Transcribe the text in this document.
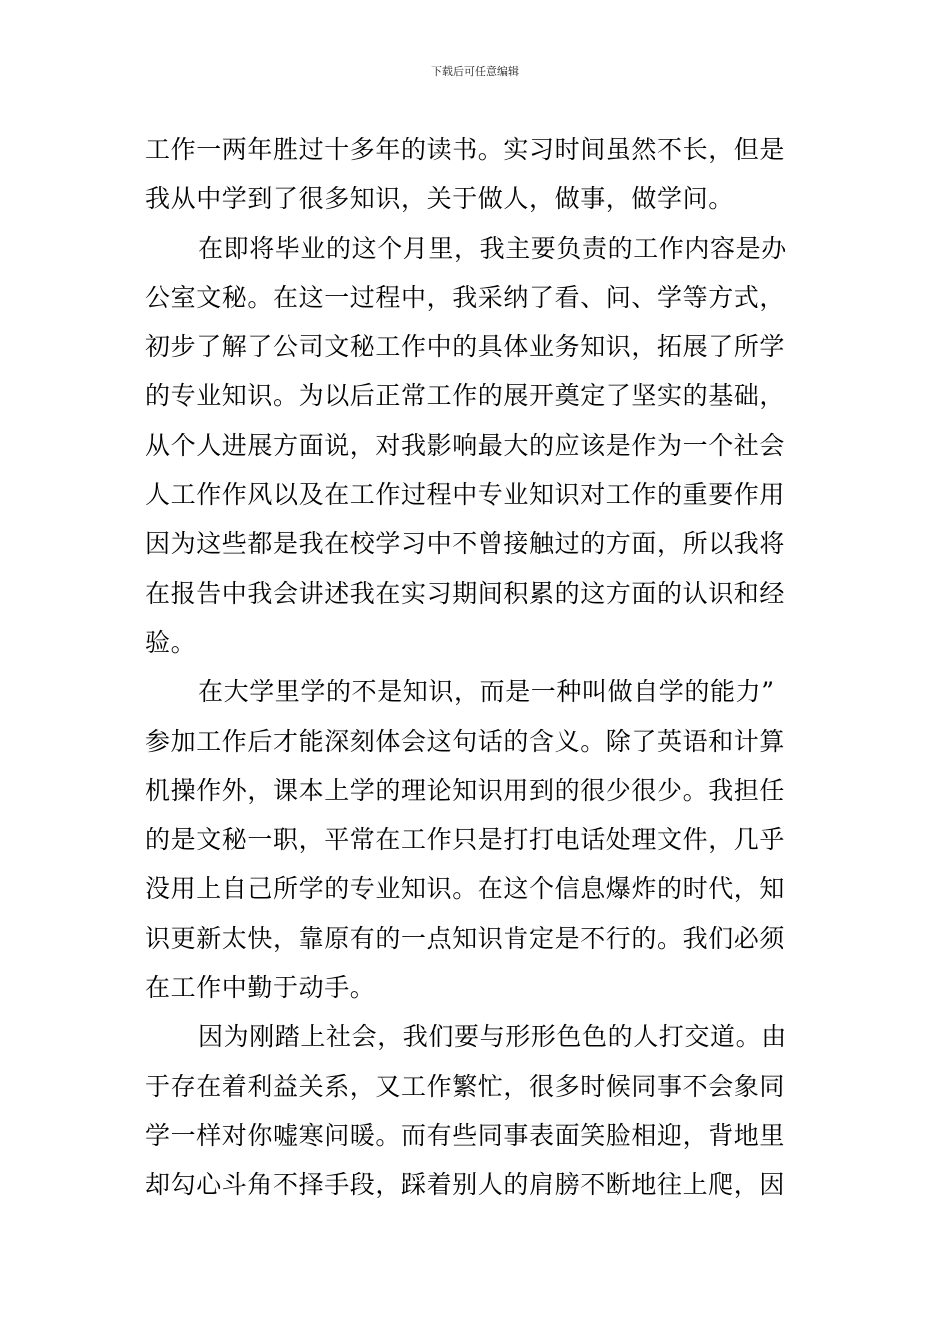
下载后可任意编辑
工作一两年胜过十多年的读书。实习时间虽然不长，但是
我从中学到了很多知识，关于做人，做事，做学问。
在即将毕业的这个月里，我主要负责的工作内容是办
公室文秘。在这一过程中，我采纳了看、问、学等方式，
初步了解了公司文秘工作中的具体业务知识，拓展了所学
的专业知识。为以后正常工作的展开奠定了坚实的基础，
从个人进展方面说，对我影响最大的应该是作为一个社会
人工作作风以及在工作过程中专业知识对工作的重要作用
因为这些都是我在校学习中不曾接触过的方面，所以我将
在报告中我会讲述我在实习期间积累的这方面的认识和经
验。
在大学里学的不是知识，而是一种叫做自学的能力”
参加工作后才能深刻体会这句话的含义。除了英语和计算
机操作外，课本上学的理论知识用到的很少很少。我担任
的是文秘一职，平常在工作只是打打电话处理文件，几乎
没用上自己所学的专业知识。在这个信息爆炸的时代，知
识更新太快，靠原有的一点知识肯定是不行的。我们必须
在工作中勤于动手。
因为刚踏上社会，我们要与形形色色的人打交道。由
于存在着利益关系，又工作繁忙，很多时候同事不会象同
学一样对你嘘寒问暖。而有些同事表面笑脸相迎，背地里
却勾心斗角不择手段，踩着别人的肩膀不断地往上爬，因
